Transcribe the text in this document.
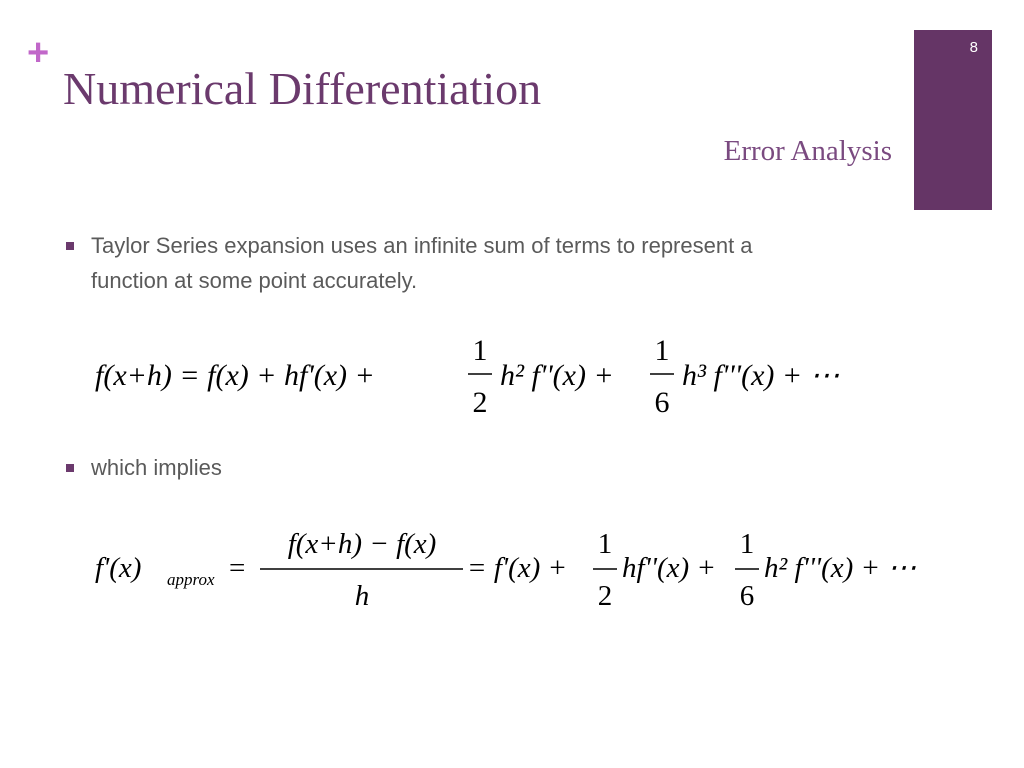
+
Numerical Differentiation
Error Analysis
8
Taylor Series expansion uses an infinite sum of terms to represent a function at some point accurately.
f(x+h) = f(x) + hf'(x) +
1
2
h² f''(x) +
1
6
h³ f'''(x) + ⋯
which implies
f'(x) approx =
f(x+h) − f(x)
h
= f'(x) +
1
2
hf''(x) +
1
6
h² f'''(x) + ⋯
